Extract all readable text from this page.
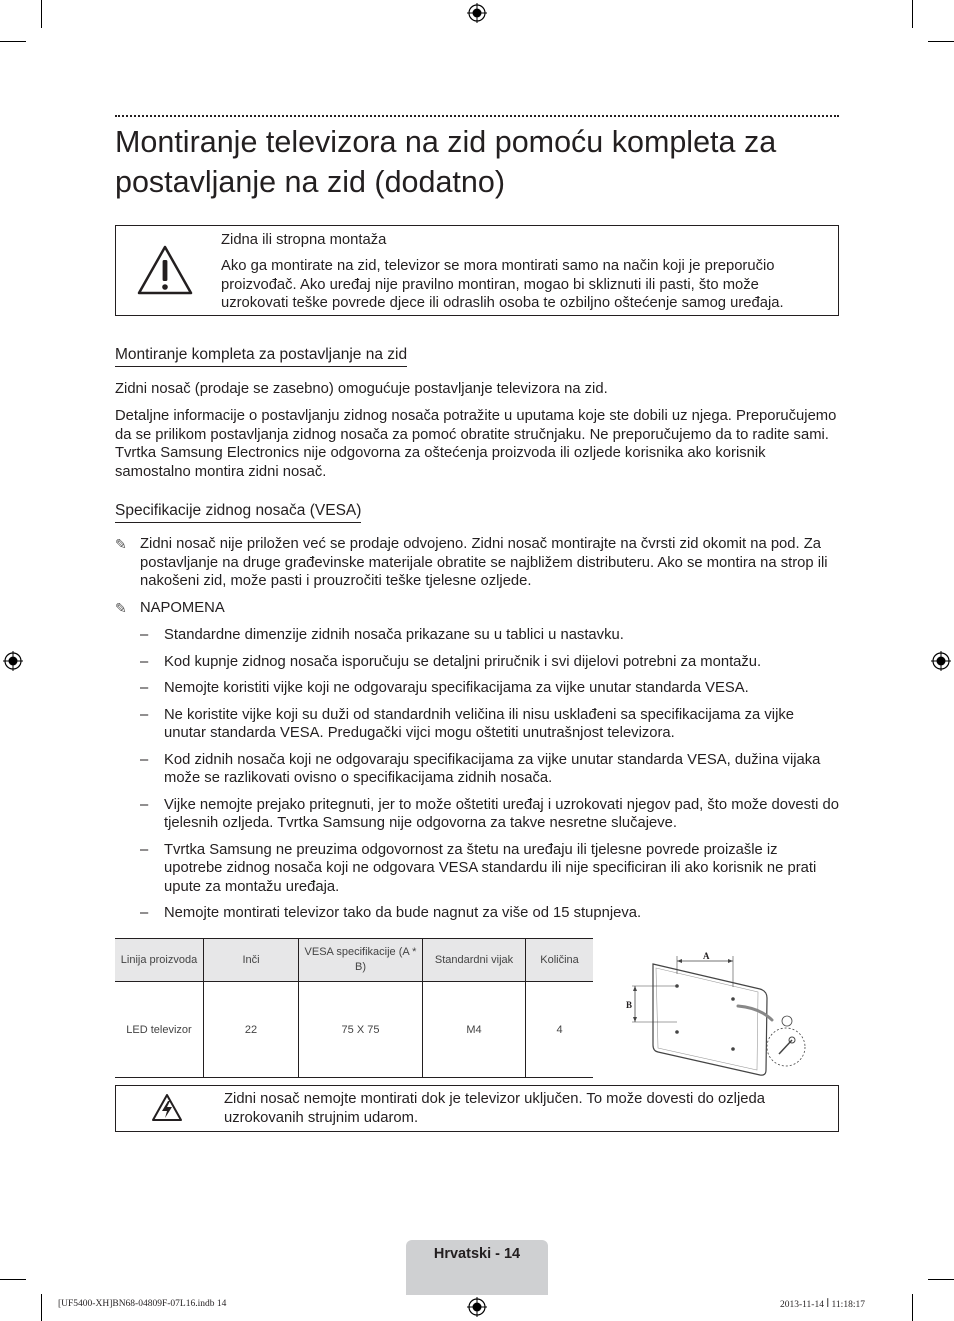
Montiranje televizora na zid pomoću kompleta za postavljanje na zid (dodatno)
Zidna ili stropna montaža
Ako ga montirate na zid, televizor se mora montirati samo na način koji je preporučio proizvođač. Ako uređaj nije pravilno montiran, mogao bi skliznuti ili pasti, što može uzrokovati teške povrede djece ili odraslih osoba te ozbiljno oštećenje samog uređaja.
Montiranje kompleta za postavljanje na zid
Zidni nosač (prodaje se zasebno) omogućuje postavljanje televizora na zid.
Detaljne informacije o postavljanju zidnog nosača potražite u uputama koje ste dobili uz njega. Preporučujemo da se prilikom postavljanja zidnog nosača za pomoć obratite stručnjaku. Ne preporučujemo da to radite sami. Tvrtka Samsung Electronics nije odgovorna za oštećenja proizvoda ili ozljede korisnika ako korisnik samostalno montira zidni nosač.
Specifikacije zidnog nosača (VESA)
✎ Zidni nosač nije priložen već se prodaje odvojeno. Zidni nosač montirajte na čvrsti zid okomit na pod. Za postavljanje na druge građevinske materijale obratite se najbližem distributeru. Ako se montira na strop ili nakošeni zid, može pasti i prouzročiti teške tjelesne ozljede.
✎ NAPOMENA
– Standardne dimenzije zidnih nosača prikazane su u tablici u nastavku.
– Kod kupnje zidnog nosača isporučuju se detaljni priručnik i svi dijelovi potrebni za montažu.
– Nemojte koristiti vijke koji ne odgovaraju specifikacijama za vijke unutar standarda VESA.
– Ne koristite vijke koji su duži od standardnih veličina ili nisu usklađeni sa specifikacijama za vijke unutar standarda VESA. Predugački vijci mogu oštetiti unutrašnjost televizora.
– Kod zidnih nosača koji ne odgovaraju specifikacijama za vijke unutar standarda VESA, dužina vijaka može se razlikovati ovisno o specifikacijama zidnih nosača.
– Vijke nemojte prejako pritegnuti, jer to može oštetiti uređaj i uzrokovati njegov pad, što može dovesti do tjelesnih ozljeda. Tvrtka Samsung nije odgovorna za takve nesretne slučajeve.
– Tvrtka Samsung ne preuzima odgovornost za štetu na uređaju ili tjelesne povrede proizašle iz upotrebe zidnog nosača koji ne odgovara VESA standardu ili nije specificiran ili ako korisnik ne prati upute za montažu uređaja.
– Nemojte montirati televizor tako da bude nagnut za više od 15 stupnjeva.
Linija proizvoda	Inči	VESA specifikacije (A * B)	Standardni vijak	Količina
LED televizor	22	75 X 75	M4	4
A
B
Zidni nosač nemojte montirati dok je televizor uključen. To može dovesti do ozljeda uzrokovanih strujnim udarom.
Hrvatski - 14
[UF5400-XH]BN68-04809F-07L16.indb 14	2013-11-14 ꟾ 11:18:17
